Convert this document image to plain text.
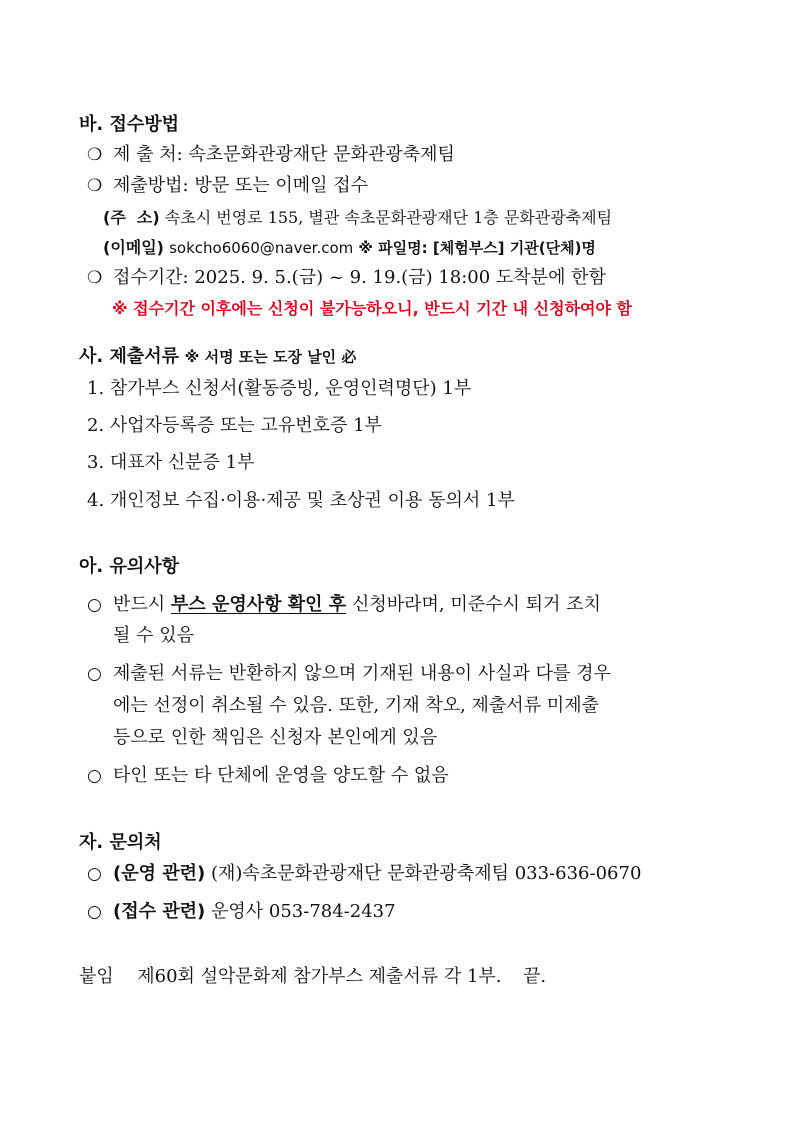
바. 접수방법
❍ 제 출 처: 속초문화관광재단 문화관광축제팀
❍ 제출방법: 방문 또는 이메일 접수
(주  소) 속초시 번영로 155, 별관 속초문화관광재단 1층 문화관광축제팀
(이메일) sokcho6060@naver.com ※ 파일명: [체험부스] 기관(단체)명
❍ 접수기간: 2025. 9. 5.(금) ~ 9. 19.(금) 18:00 도착분에 한함
※ 접수기간 이후에는 신청이 불가능하오니, 반드시 기간 내 신청하여야 함
사. 제출서류 ※ 서명 또는 도장 날인 必
1. 참가부스 신청서(활동증빙, 운영인력명단) 1부
2. 사업자등록증 또는 고유번호증 1부
3. 대표자 신분증 1부
4. 개인정보 수집·이용·제공 및 초상권 이용 동의서 1부
아. 유의사항
○ 반드시 부스 운영사항 확인 후 신청바라며, 미준수시 퇴거 조치
될 수 있음
○ 제출된 서류는 반환하지 않으며 기재된 내용이 사실과 다를 경우
에는 선정이 취소될 수 있음. 또한, 기재 착오, 제출서류 미제출
등으로 인한 책임은 신청자 본인에게 있음
○ 타인 또는 타 단체에 운영을 양도할 수 없음
자. 문의처
○ (운영 관련) (재)속초문화관광재단 문화관광축제팀 033-636-0670
○ (접수 관련) 운영사 053-784-2437
붙임 제60회 설악문화제 참가부스 제출서류 각 1부. 끝.
